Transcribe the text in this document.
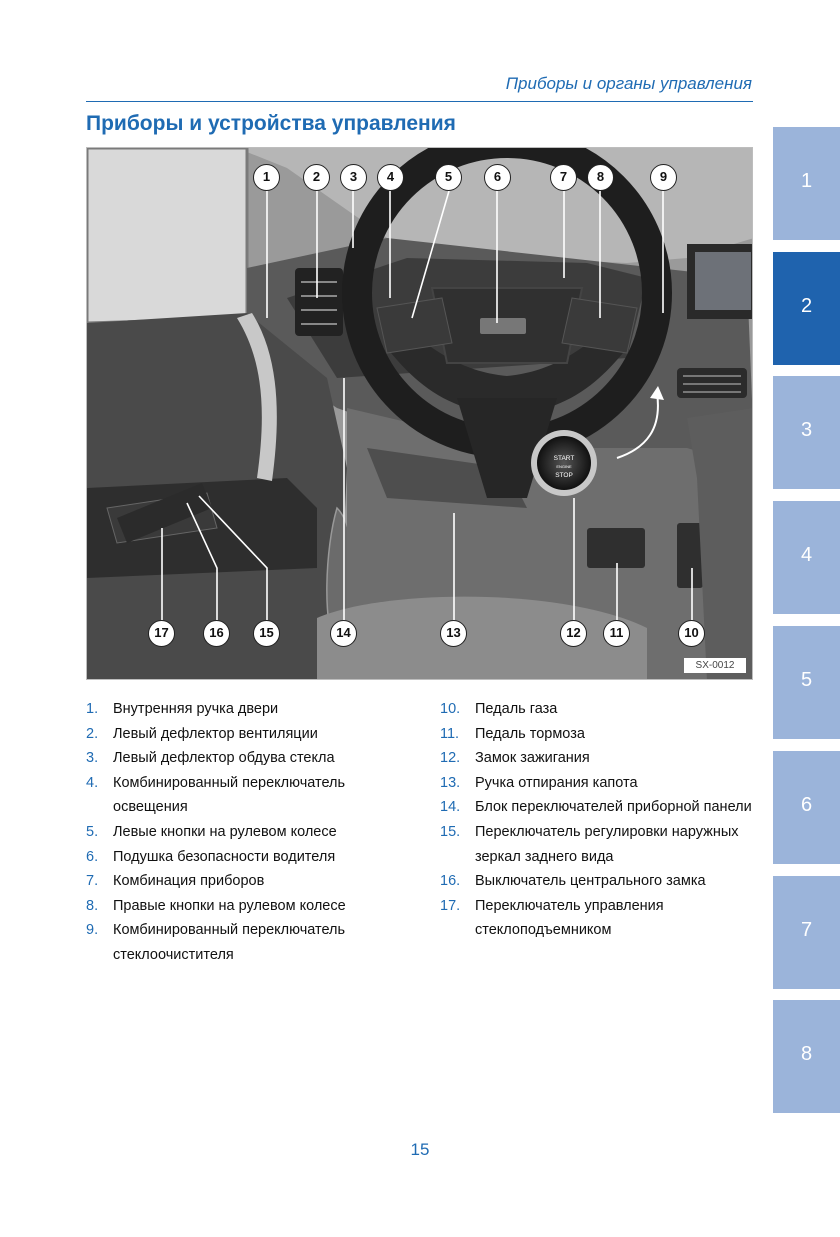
Приборы и органы управления
Приборы и устройства управления
START
ENGINE
STOP
1	2	3	4	5	6	7	8	9
10
11
12
13
14
15
16
17
SX-0012
1. Внутренняя ручка двери
2. Левый дефлектор вентиляции
3. Левый дефлектор обдува стекла
4. Комбинированный переключатель освещения
5. Левые кнопки на рулевом колесе
6. Подушка безопасности водителя
7. Комбинация приборов
8. Правые кнопки на рулевом колесе
9. Комбинированный переключатель стеклоочистителя
10. Педаль газа
11. Педаль тормоза
12. Замок зажигания
13. Ручка отпирания капота
14. Блок переключателей приборной панели
15. Переключатель регулировки наружных зеркал заднего вида
16. Выключатель центрального замка
17. Переключатель управления стеклоподъемником
15
1
2
3
4
5
6
7
8
